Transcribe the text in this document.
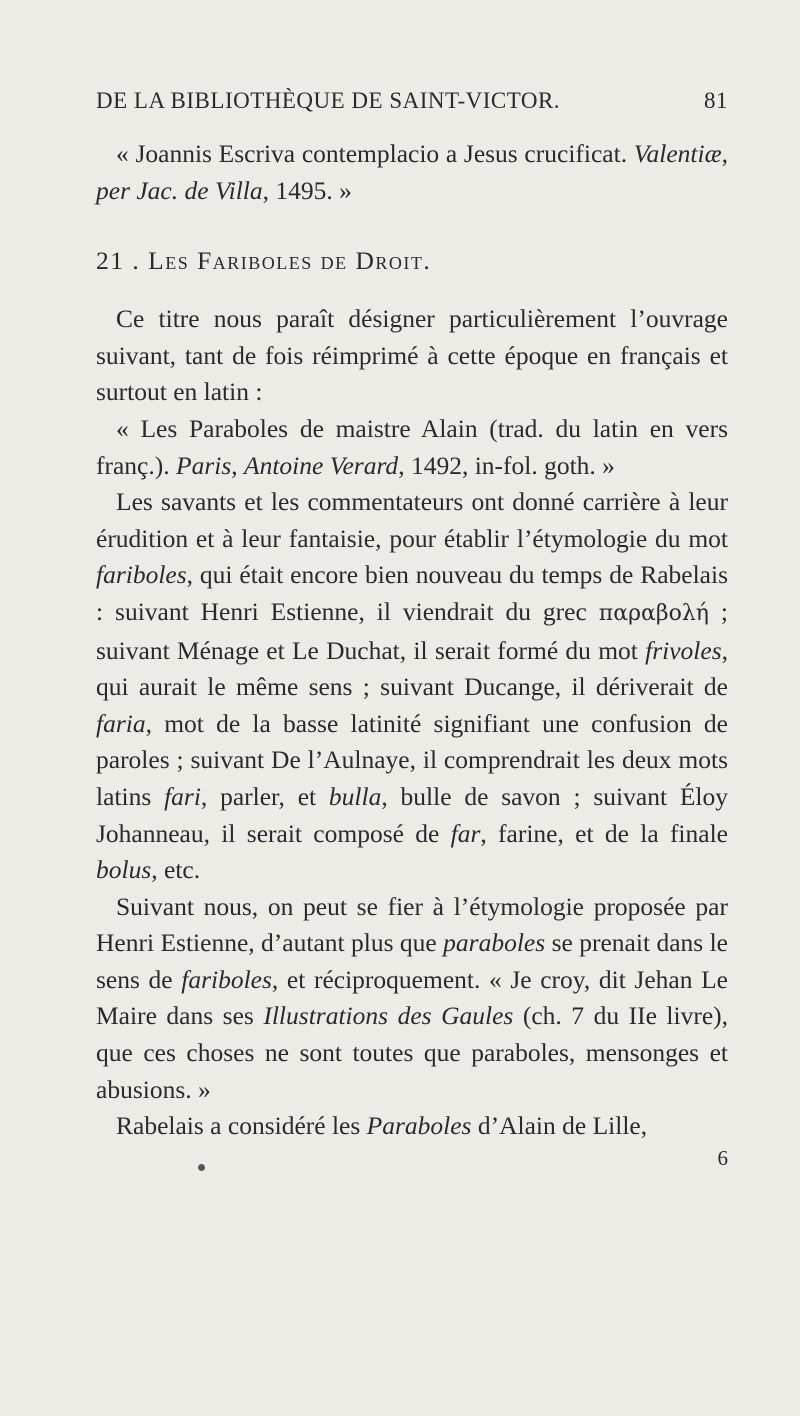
DE LA BIBLIOTHÈQUE DE SAINT-VICTOR.	81

« Joannis Escriva contemplacio a Jesus crucificat. Valentiæ, per Jac. de Villa, 1495. »

21 . Les Fariboles de Droit.

Ce titre nous paraît désigner particulièrement l’ouvrage suivant, tant de fois réimprimé à cette époque en français et surtout en latin :

« Les Paraboles de maistre Alain (trad. du latin en vers franç.). Paris, Antoine Verard, 1492, in-fol. goth. »

Les savants et les commentateurs ont donné carrière à leur érudition et à leur fantaisie, pour établir l’étymologie du mot fariboles, qui était encore bien nouveau du temps de Rabelais : suivant Henri Estienne, il viendrait du grec παραβολή ; suivant Ménage et Le Duchat, il serait formé du mot frivoles, qui aurait le même sens ; suivant Ducange, il dériverait de faria, mot de la basse latinité signifiant une confusion de paroles ; suivant De l’Aulnaye, il comprendrait les deux mots latins fari, parler, et bulla, bulle de savon ; suivant Éloy Johanneau, il serait composé de far, farine, et de la finale bolus, etc.

Suivant nous, on peut se fier à l’étymologie proposée par Henri Estienne, d’autant plus que paraboles se prenait dans le sens de fariboles, et réciproquement. « Je croy, dit Jehan Le Maire dans ses Illustrations des Gaules (ch. 7 du IIe livre), que ces choses ne sont toutes que paraboles, mensonges et abusions. »

Rabelais a considéré les Paraboles d’Alain de Lille,

6
